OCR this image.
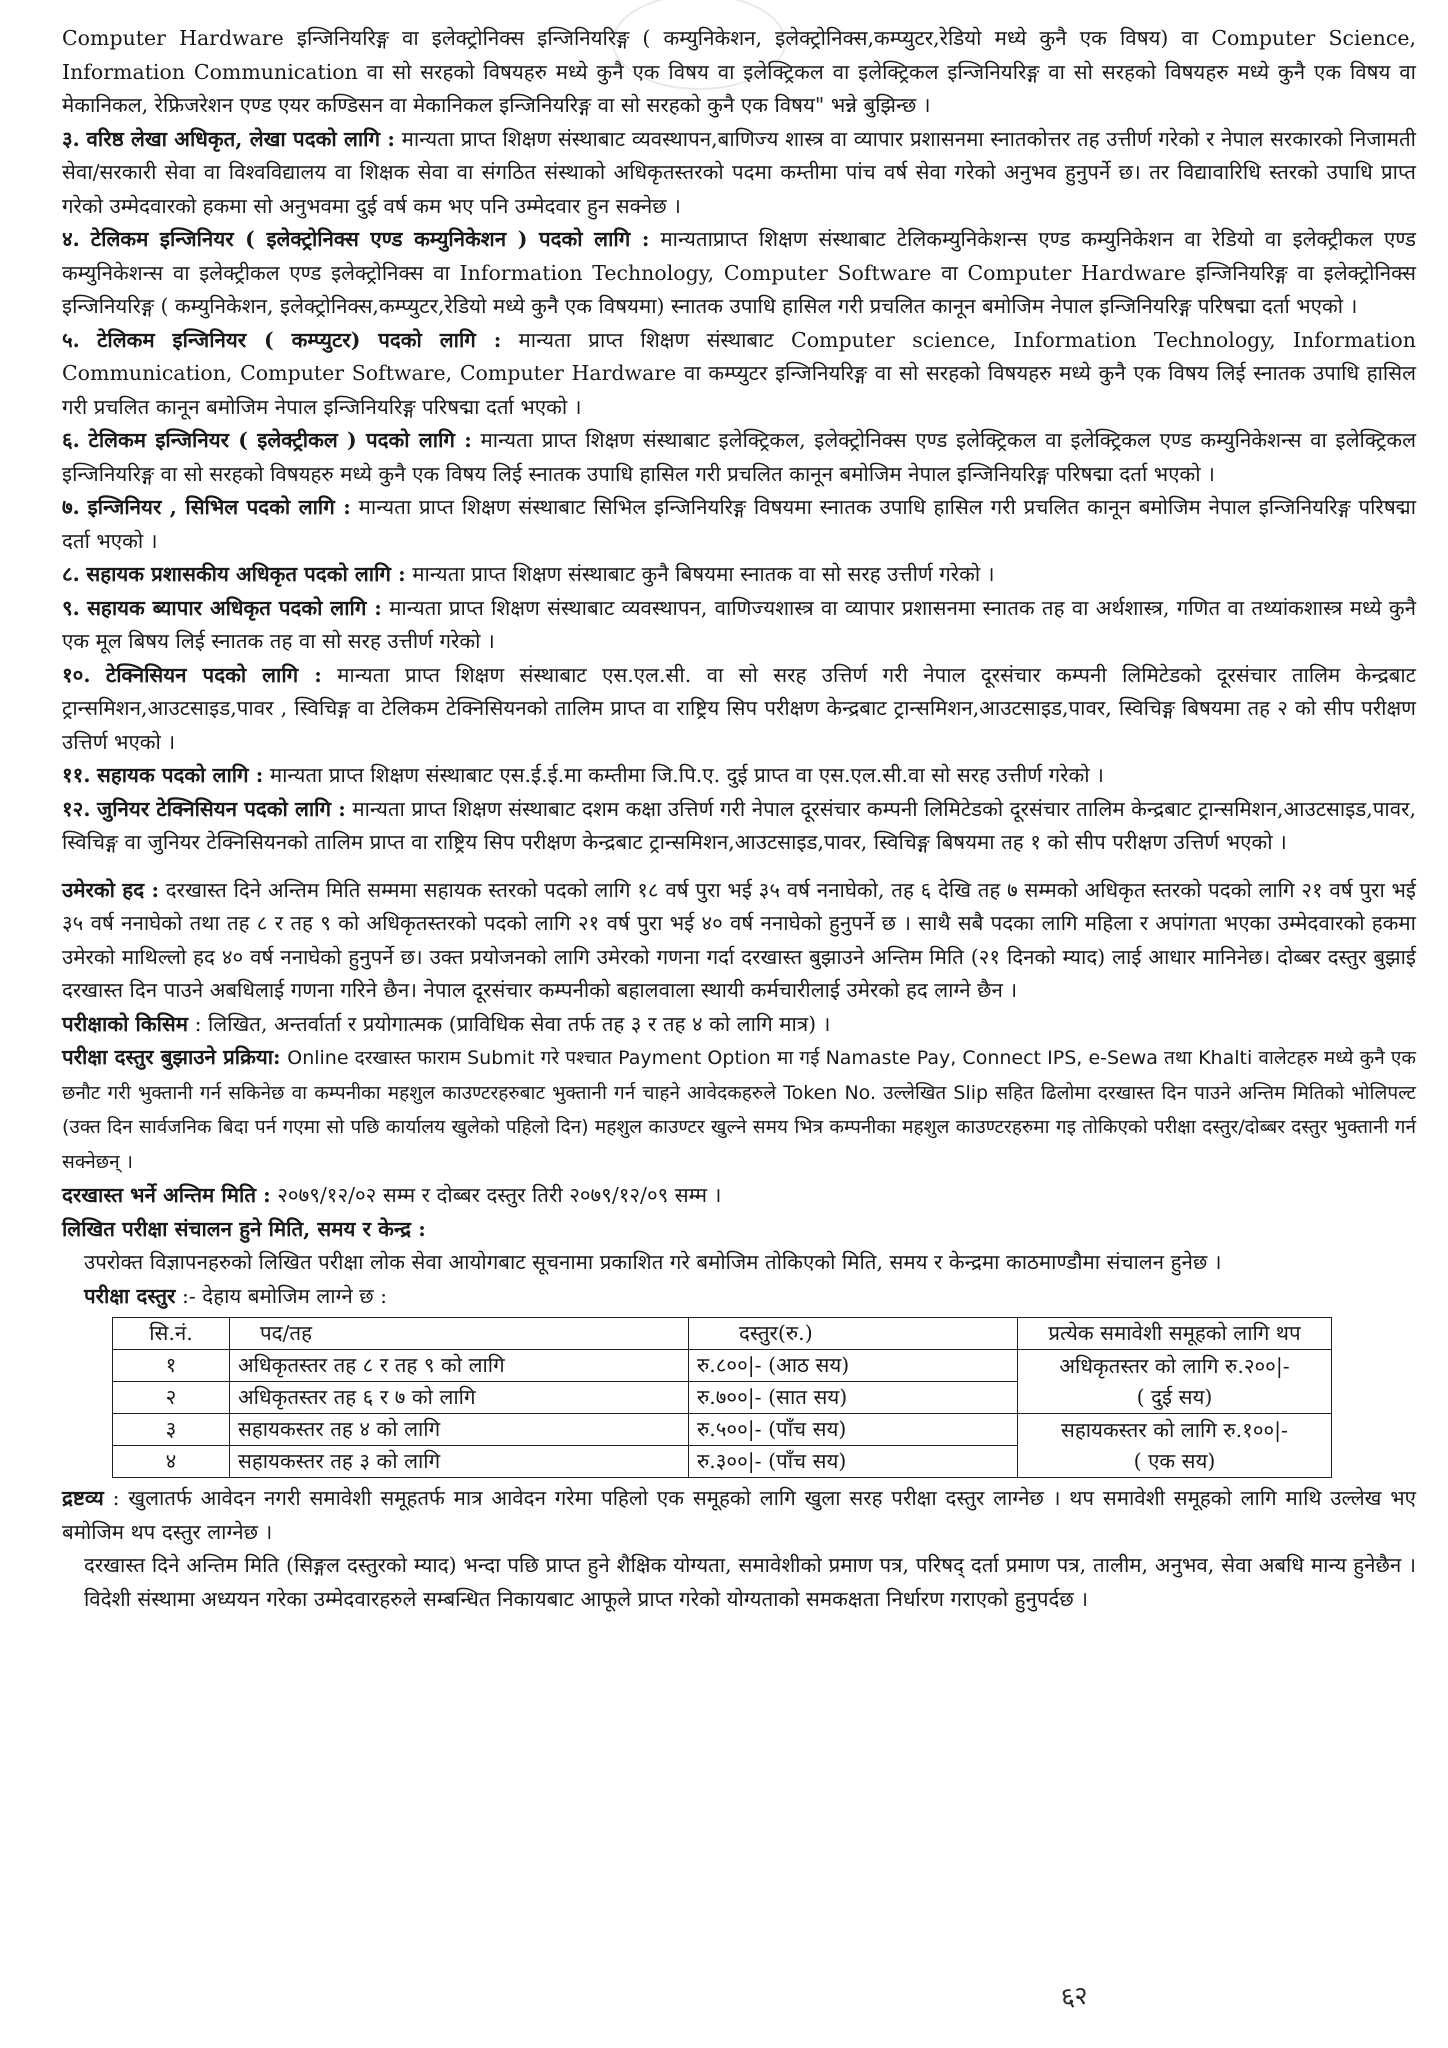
Computer Hardware इन्जिनियरिङ्ग वा इलेक्ट्रोनिक्स इन्जिनियरिङ्ग ( कम्युनिकेशन, इलेक्ट्रोनिक्स,कम्प्युटर,रेडियो मध्ये कुनै एक विषय) वा Computer Science, Information Communication वा सो सरहको विषयहरु मध्ये कुनै एक विषय वा इलेक्ट्रिकल वा इलेक्ट्रिकल इन्जिनियरिङ्ग वा सो सरहको विषयहरु मध्ये कुनै एक विषय वा मेकानिकल, रेफ्रिजरेशन एण्ड एयर कण्डिसन वा मेकानिकल इन्जिनियरिङ्ग वा सो सरहको कुनै एक विषय" भन्ने बुझिन्छ ।

३. वरिष्ठ लेखा अधिकृत, लेखा पदको लागि : मान्यता प्राप्त शिक्षण संस्थाबाट व्यवस्थापन,बाणिज्य शास्त्र वा व्यापार प्रशासनमा स्नातकोत्तर तह उत्तीर्ण गरेको र नेपाल सरकारको निजामती सेवा/सरकारी सेवा वा विश्वविद्यालय वा शिक्षक सेवा वा संगठित संस्थाको अधिकृतस्तरको पदमा कम्तीमा पांच वर्ष सेवा गरेको अनुभव हुनुपर्ने छ। तर विद्यावारिधि स्तरको उपाधि प्राप्त गरेको उम्मेदवारको हकमा सो अनुभवमा दुई वर्ष कम भए पनि उम्मेदवार हुन सक्नेछ ।

४. टेलिकम इन्जिनियर ( इलेक्ट्रोनिक्स एण्ड कम्युनिकेशन ) पदको लागि : मान्यताप्राप्त शिक्षण संस्थाबाट टेलिकम्युनिकेशन्स एण्ड कम्युनिकेशन वा रेडियो वा इलेक्ट्रीकल एण्ड कम्युनिकेशन्स वा इलेक्ट्रीकल एण्ड इलेक्ट्रोनिक्स वा Information Technology, Computer Software वा Computer Hardware इन्जिनियरिङ्ग वा इलेक्ट्रोनिक्स इन्जिनियरिङ्ग ( कम्युनिकेशन, इलेक्ट्रोनिक्स,कम्प्युटर,रेडियो मध्ये कुनै एक विषयमा) स्नातक उपाधि हासिल गरी प्रचलित कानून बमोजिम नेपाल इन्जिनियरिङ्ग परिषद्मा दर्ता भएको ।

५. टेलिकम इन्जिनियर ( कम्प्युटर) पदको लागि : मान्यता प्राप्त शिक्षण संस्थाबाट Computer science, Information Technology, Information Communication, Computer Software, Computer Hardware वा कम्प्युटर इन्जिनियरिङ्ग वा सो सरहको विषयहरु मध्ये कुनै एक विषय लिई स्नातक उपाधि हासिल गरी प्रचलित कानून बमोजिम नेपाल इन्जिनियरिङ्ग परिषद्मा दर्ता भएको ।

६. टेलिकम इन्जिनियर ( इलेक्ट्रीकल ) पदको लागि : मान्यता प्राप्त शिक्षण संस्थाबाट इलेक्ट्रिकल, इलेक्ट्रोनिक्स एण्ड इलेक्ट्रिकल वा इलेक्ट्रिकल एण्ड कम्युनिकेशन्स वा इलेक्ट्रिकल इन्जिनियरिङ्ग वा सो सरहको विषयहरु मध्ये कुनै एक विषय लिई स्नातक उपाधि हासिल गरी प्रचलित कानून बमोजिम नेपाल इन्जिनियरिङ्ग परिषद्मा दर्ता भएको ।

७. इन्जिनियर , सिभिल पदको लागि : मान्यता प्राप्त शिक्षण संस्थाबाट सिभिल इन्जिनियरिङ्ग विषयमा स्नातक उपाधि हासिल गरी प्रचलित कानून बमोजिम नेपाल इन्जिनियरिङ्ग परिषद्मा दर्ता भएको ।

८. सहायक प्रशासकीय अधिकृत पदको लागि : मान्यता प्राप्त शिक्षण संस्थाबाट कुनै बिषयमा स्नातक वा सो सरह उत्तीर्ण गरेको ।

९. सहायक ब्यापार अधिकृत पदको लागि : मान्यता प्राप्त शिक्षण संस्थाबाट व्यवस्थापन, वाणिज्यशास्त्र वा व्यापार प्रशासनमा स्नातक तह वा अर्थशास्त्र, गणित वा तथ्यांकशास्त्र मध्ये कुनै एक मूल बिषय लिई स्नातक तह वा सो सरह उत्तीर्ण गरेको ।

१०. टेक्निसियन पदको लागि : मान्यता प्राप्त शिक्षण संस्थाबाट एस.एल.सी. वा सो सरह उत्तिर्ण गरी नेपाल दूरसंचार कम्पनी लिमिटेडको दूरसंचार तालिम केन्द्रबाट ट्रान्समिशन,आउटसाइड,पावर , स्विचिङ्ग वा टेलिकम टेक्निसियनको तालिम प्राप्त वा राष्ट्रिय सिप परीक्षण केन्द्रबाट ट्रान्समिशन,आउटसाइड,पावर, स्विचिङ्ग बिषयमा तह २ को सीप परीक्षण उत्तिर्ण भएको ।

११. सहायक पदको लागि : मान्यता प्राप्त शिक्षण संस्थाबाट एस.ई.ई.मा कम्तीमा जि.पि.ए. दुई प्राप्त वा एस.एल.सी.वा सो सरह उत्तीर्ण गरेको ।

१२. जुनियर टेक्निसियन पदको लागि : मान्यता प्राप्त शिक्षण संस्थाबाट दशम कक्षा उत्तिर्ण गरी नेपाल दूरसंचार कम्पनी लिमिटेडको दूरसंचार तालिम केन्द्रबाट ट्रान्समिशन,आउटसाइड,पावर, स्विचिङ्ग वा जुनियर टेक्निसियनको तालिम प्राप्त वा राष्ट्रिय सिप परीक्षण केन्द्रबाट ट्रान्समिशन,आउटसाइड,पावर, स्विचिङ्ग बिषयमा तह १ को सीप परीक्षण उत्तिर्ण भएको ।

उमेरको हद : दरखास्त दिने अन्तिम मिति सम्ममा सहायक स्तरको पदको लागि १८ वर्ष पुरा भई ३५ वर्ष ननाघेको, तह ६ देखि तह ७ सम्मको अधिकृत स्तरको पदको लागि २१ वर्ष पुरा भई ३५ वर्ष ननाघेको तथा तह ८ र तह ९ को अधिकृतस्तरको पदको लागि २१ वर्ष पुरा भई ४० वर्ष ननाघेको हुनुपर्ने छ । साथै सबै पदका लागि महिला र अपांगता भएका उम्मेदवारको हकमा उमेरको माथिल्लो हद ४० वर्ष ननाघेको हुनुपर्ने छ। उक्त प्रयोजनको लागि उमेरको गणना गर्दा दरखास्त बुझाउने अन्तिम मिति (२१ दिनको म्याद) लाई आधार मानिनेछ। दोब्बर दस्तुर बुझाई दरखास्त दिन पाउने अबधिलाई गणना गरिने छैन। नेपाल दूरसंचार कम्पनीको बहालवाला स्थायी कर्मचारीलाई उमेरको हद लाग्ने छैन ।

परीक्षाको किसिम : लिखित, अन्तर्वार्ता र प्रयोगात्मक (प्राविधिक सेवा तर्फ तह ३ र तह ४ को लागि मात्र) ।

परीक्षा दस्तुर बुझाउने प्रक्रिया: Online दरखास्त फाराम Submit गरे पश्चात Payment Option मा गई Namaste Pay, Connect IPS, e-Sewa तथा Khalti वालेटहरु मध्ये कुनै एक छनौट गरी भुक्तानी गर्न सकिनेछ वा कम्पनीका महशुल काउण्टरहरुबाट भुक्तानी गर्न चाहने आवेदकहरुले Token No. उल्लेखित Slip सहित ढिलोमा दरखास्त दिन पाउने अन्तिम मितिको भोलिपल्ट (उक्त दिन सार्वजनिक बिदा पर्न गएमा सो पछि कार्यालय खुलेको पहिलो दिन) महशुल काउण्टर खुल्ने समय भित्र कम्पनीका महशुल काउण्टरहरुमा गइ तोकिएको परीक्षा दस्तुर/दोब्बर दस्तुर भुक्तानी गर्न सक्नेछन् ।

दरखास्त भर्ने अन्तिम मिति : २०७९/१२/०२ सम्म र दोब्बर दस्तुर तिरी २०७९/१२/०९ सम्म ।

लिखित परीक्षा संचालन हुने मिति, समय र केन्द्र :

उपरोक्त विज्ञापनहरुको लिखित परीक्षा लोक सेवा आयोगबाट सूचनामा प्रकाशित गरे बमोजिम तोकिएको मिति, समय र केन्द्रमा काठमाण्डौमा संचालन हुनेछ ।

परीक्षा दस्तुर :- देहाय बमोजिम लाग्ने छ :

सि.नं.	पद/तह	दस्तुर(रु.)	प्रत्येक समावेशी समूहको लागि थप
१	अधिकृतस्तर तह ८ र तह ९ को लागि	रु.८००|- (आठ सय)	अधिकृतस्तर को लागि रु.२००|-
( दुई सय)

२	अधिकृतस्तर तह ६ र ७ को लागि	रु.७००|- (सात सय)	
३	सहायकस्तर तह ४ को लागि	रु.५००|- (पाँच सय)	सहायकस्तर को लागि रु.१००|-
( एक सय)

४	सहायकस्तर तह ३ को लागि	रु.३००|- (पाँच सय)	

द्रष्टव्य : खुलातर्फ आवेदन नगरी समावेशी समूहतर्फ मात्र आवेदन गरेमा पहिलो एक समूहको लागि खुला सरह परीक्षा दस्तुर लाग्नेछ । थप समावेशी समूहको लागि माथि उल्लेख भए बमोजिम थप दस्तुर लाग्नेछ ।

दरखास्त दिने अन्तिम मिति (सिङ्गल दस्तुरको म्याद) भन्दा पछि प्राप्त हुने शैक्षिक योग्यता, समावेशीको प्रमाण पत्र, परिषद् दर्ता प्रमाण पत्र, तालीम, अनुभव, सेवा अबधि मान्य हुनेछैन । विदेशी संस्थामा अध्ययन गरेका उम्मेदवारहरुले सम्बन्धित निकायबाट आफूले प्राप्त गरेको योग्यताको समकक्षता निर्धारण गराएको हुनुपर्दछ ।

६२
